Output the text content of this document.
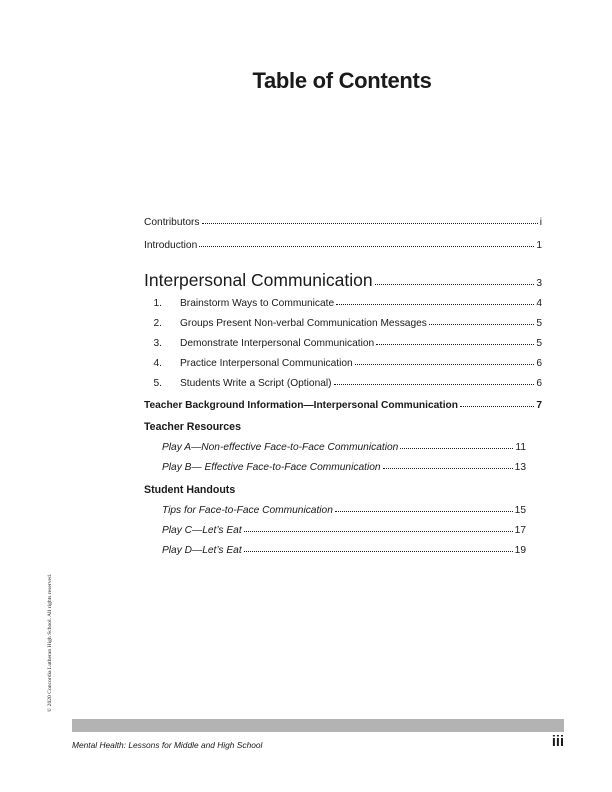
Table of Contents
Contributors	i
Introduction	1
Interpersonal Communication	3
1. Brainstorm Ways to Communicate	4
2. Groups Present Non-verbal Communication Messages	5
3. Demonstrate Interpersonal Communication	5
4. Practice Interpersonal Communication	6
5. Students Write a Script (Optional)	6
Teacher Background Information—Interpersonal Communication	7
Teacher Resources
Play A—Non-effective Face-to-Face Communication	11
Play B— Effective Face-to-Face Communication	13
Student Handouts
Tips for Face-to-Face Communication	15
Play C—Let’s Eat	17
Play D—Let’s Eat	19
© 2020 Concordia Lutheran High School. All rights reserved.
Mental Health: Lessons for Middle and High School	iii
